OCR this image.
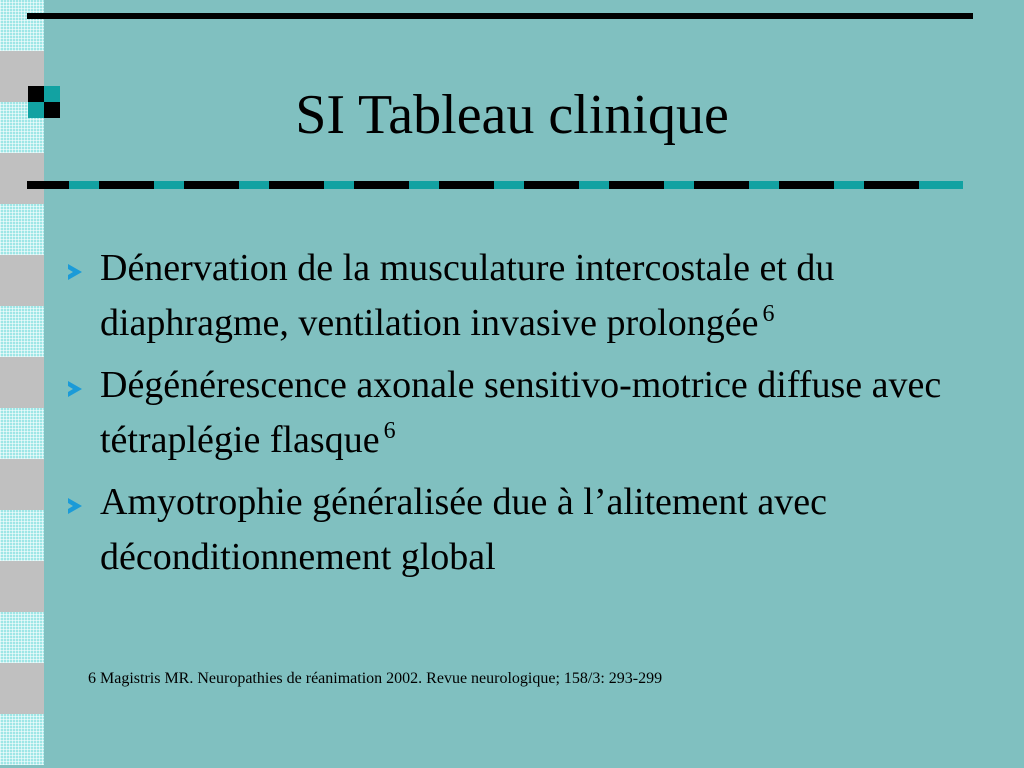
SI Tableau clinique
Dénervation de la musculature intercostale et du diaphragme, ventilation invasive prolongée $^6$
Dégénérescence axonale sensitivo-motrice diffuse avec tétraplégie flasque $^6$
Amyotrophie généralisée due à l’alitement avec déconditionnement global
6 Magistris MR. Neuropathies de réanimation 2002. Revue neurologique; 158/3: 293-299
